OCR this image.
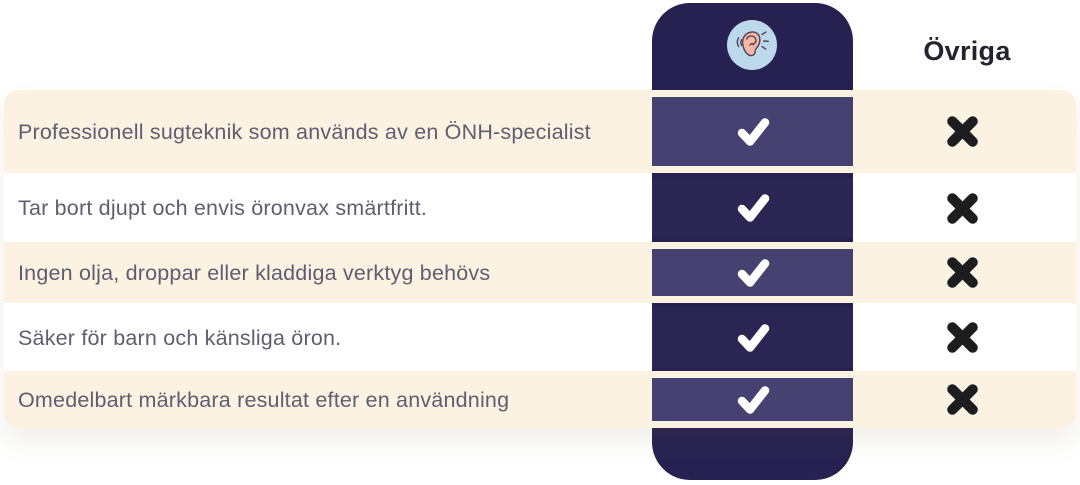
Övriga
Professionell sugteknik som används av en ÖNH-specialist
Tar bort djupt och envis öronvax smärtfritt.
Ingen olja, droppar eller kladdiga verktyg behövs
Säker för barn och känsliga öron.
Omedelbart märkbara resultat efter en användning
